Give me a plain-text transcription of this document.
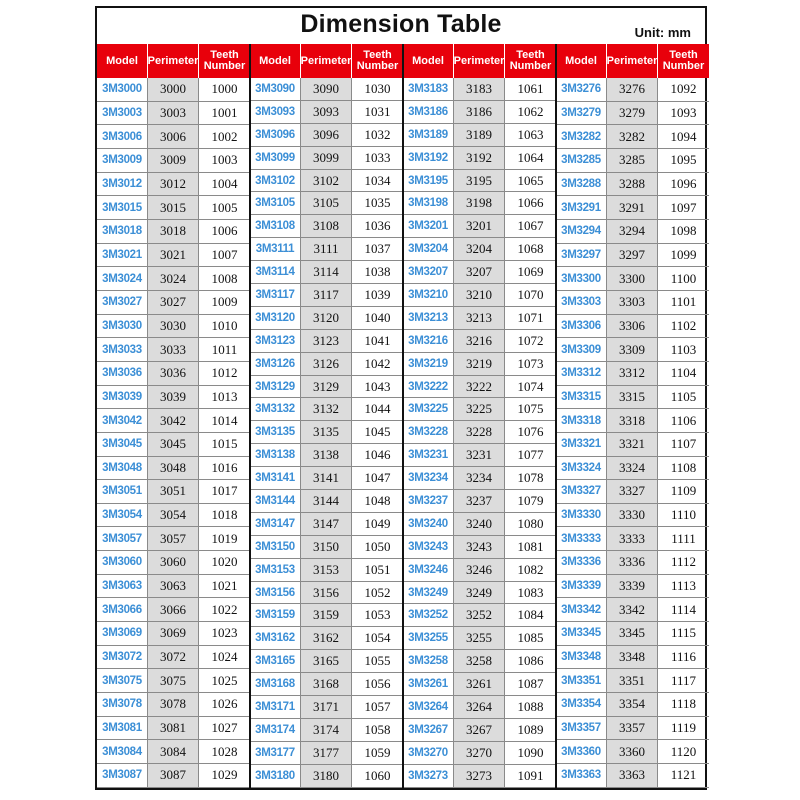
Dimension Table	Unit: mm
Model Perimeter	Teeth Number
3M3000	3000	1000
3M3003	3003	1001
3M3006	3006	1002
3M3009	3009	1003
3M3012	3012	1004
3M3015	3015	1005
3M3018	3018	1006
3M3021	3021	1007
3M3024	3024	1008
3M3027	3027	1009
3M3030	3030	1010
3M3033	3033	1011
3M3036	3036	1012
3M3039	3039	1013
3M3042	3042	1014
3M3045	3045	1015
3M3048	3048	1016
3M3051	3051	1017
3M3054	3054	1018
3M3057	3057	1019
3M3060	3060	1020
3M3063	3063	1021
3M3066	3066	1022
3M3069	3069	1023
3M3072	3072	1024
3M3075	3075	1025
3M3078	3078	1026
3M3081	3081	1027
3M3084	3084	1028
3M3087	3087	1029
Model Perimeter	Teeth Number
3M3090	3090	1030
3M3093	3093	1031
3M3096	3096	1032
3M3099	3099	1033
3M3102	3102	1034
3M3105	3105	1035
3M3108	3108	1036
3M3111	3111	1037
3M3114	3114	1038
3M3117	3117	1039
3M3120	3120	1040
3M3123	3123	1041
3M3126	3126	1042
3M3129	3129	1043
3M3132	3132	1044
3M3135	3135	1045
3M3138	3138	1046
3M3141	3141	1047
3M3144	3144	1048
3M3147	3147	1049
3M3150	3150	1050
3M3153	3153	1051
3M3156	3156	1052
3M3159	3159	1053
3M3162	3162	1054
3M3165	3165	1055
3M3168	3168	1056
3M3171	3171	1057
3M3174	3174	1058
3M3177	3177	1059
3M3180	3180	1060
Model Perimeter	Teeth Number
3M3183	3183	1061
3M3186	3186	1062
3M3189	3189	1063
3M3192	3192	1064
3M3195	3195	1065
3M3198	3198	1066
3M3201	3201	1067
3M3204	3204	1068
3M3207	3207	1069
3M3210	3210	1070
3M3213	3213	1071
3M3216	3216	1072
3M3219	3219	1073
3M3222	3222	1074
3M3225	3225	1075
3M3228	3228	1076
3M3231	3231	1077
3M3234	3234	1078
3M3237	3237	1079
3M3240	3240	1080
3M3243	3243	1081
3M3246	3246	1082
3M3249	3249	1083
3M3252	3252	1084
3M3255	3255	1085
3M3258	3258	1086
3M3261	3261	1087
3M3264	3264	1088
3M3267	3267	1089
3M3270	3270	1090
3M3273	3273	1091
Model Perimeter	Teeth Number
3M3276	3276	1092
3M3279	3279	1093
3M3282	3282	1094
3M3285	3285	1095
3M3288	3288	1096
3M3291	3291	1097
3M3294	3294	1098
3M3297	3297	1099
3M3300	3300	1100
3M3303	3303	1101
3M3306	3306	1102
3M3309	3309	1103
3M3312	3312	1104
3M3315	3315	1105
3M3318	3318	1106
3M3321	3321	1107
3M3324	3324	1108
3M3327	3327	1109
3M3330	3330	1110
3M3333	3333	1111
3M3336	3336	1112
3M3339	3339	1113
3M3342	3342	1114
3M3345	3345	1115
3M3348	3348	1116
3M3351	3351	1117
3M3354	3354	1118
3M3357	3357	1119
3M3360	3360	1120
3M3363	3363	1121
